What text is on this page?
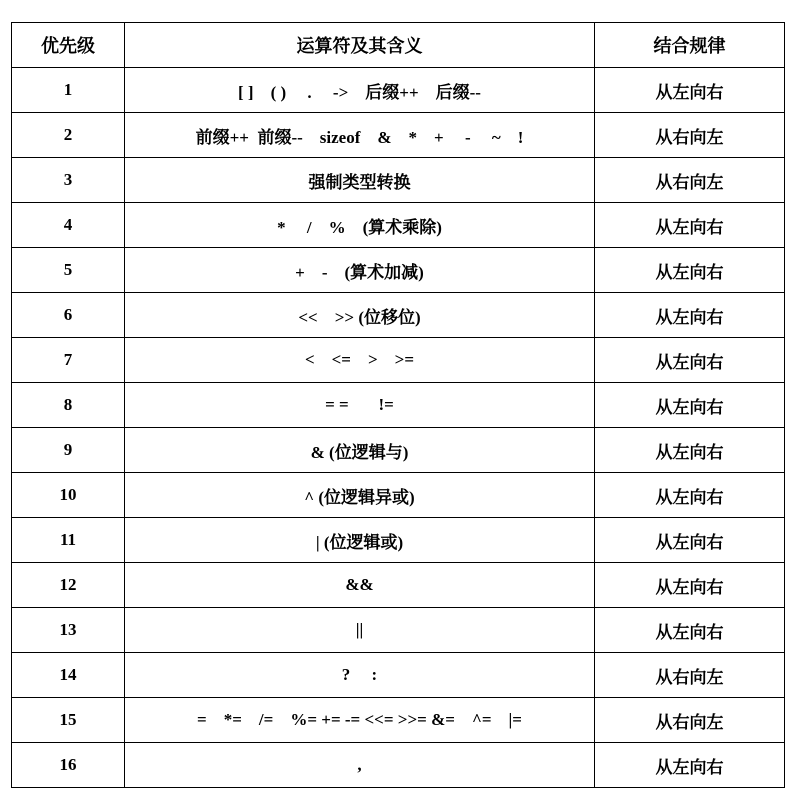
优先级	运算符及其含义	结合规律
1	[ ]    ( )     .     ->    后缀++    后缀--	从左向右
2	前缀++  前缀--    sizeof    &    *    +     -     ~    !	从右向左
3	强制类型转换	从右向左
4	*     /    %    (算术乘除)	从左向右
5	+    -    (算术加减)	从左向右
6	<<    >> (位移位)	从左向右
7	<    <=    >    >=	从左向右
8	= =       !=	从左向右
9	& (位逻辑与)	从左向右
10	^ (位逻辑异或)	从左向右
11	| (位逻辑或)	从左向右
12	&&	从左向右
13	||	从左向右
14	?     :	从右向左
15	=    *=    /=    %= += -= <<= >>= &=    ^=    |=	从右向左
16	,	从左向右
